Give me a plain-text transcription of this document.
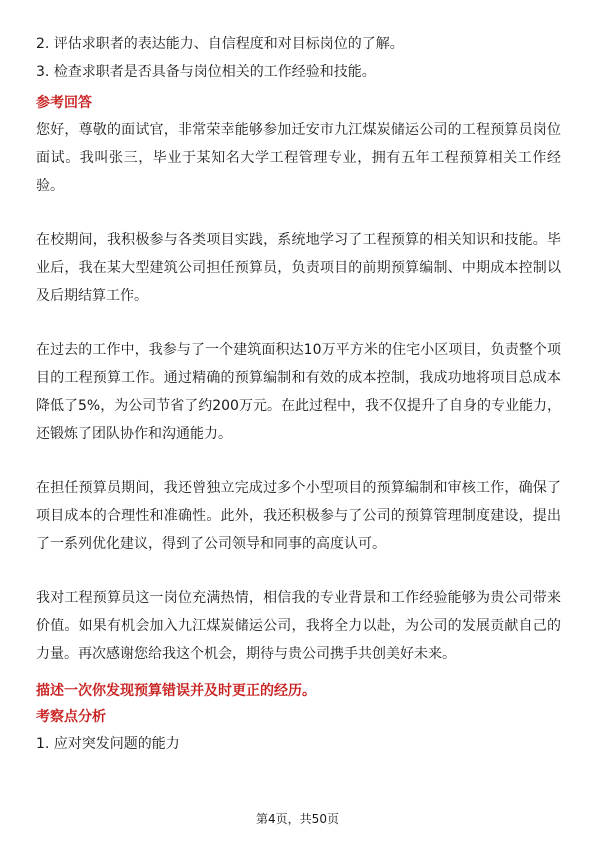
2. 评估求职者的表达能力、自信程度和对目标岗位的了解。

3. 检查求职者是否具备与岗位相关的工作经验和技能。

参考回答

您好，尊敬的面试官，非常荣幸能够参加迁安市九江煤炭储运公司的工程预算员岗位面试。我叫张三，毕业于某知名大学工程管理专业，拥有五年工程预算相关工作经验。

在校期间，我积极参与各类项目实践，系统地学习了工程预算的相关知识和技能。毕业后，我在某大型建筑公司担任预算员，负责项目的前期预算编制、中期成本控制以及后期结算工作。

在过去的工作中，我参与了一个建筑面积达10万平方米的住宅小区项目，负责整个项目的工程预算工作。通过精确的预算编制和有效的成本控制，我成功地将项目总成本降低了5%，为公司节省了约200万元。在此过程中，我不仅提升了自身的专业能力，还锻炼了团队协作和沟通能力。

在担任预算员期间，我还曾独立完成过多个小型项目的预算编制和审核工作，确保了项目成本的合理性和准确性。此外，我还积极参与了公司的预算管理制度建设，提出了一系列优化建议，得到了公司领导和同事的高度认可。

我对工程预算员这一岗位充满热情，相信我的专业背景和工作经验能够为贵公司带来价值。如果有机会加入九江煤炭储运公司，我将全力以赴，为公司的发展贡献自己的力量。再次感谢您给我这个机会，期待与贵公司携手共创美好未来。

描述一次你发现预算错误并及时更正的经历。

考察点分析

1. 应对突发问题的能力

第4页，共50页
